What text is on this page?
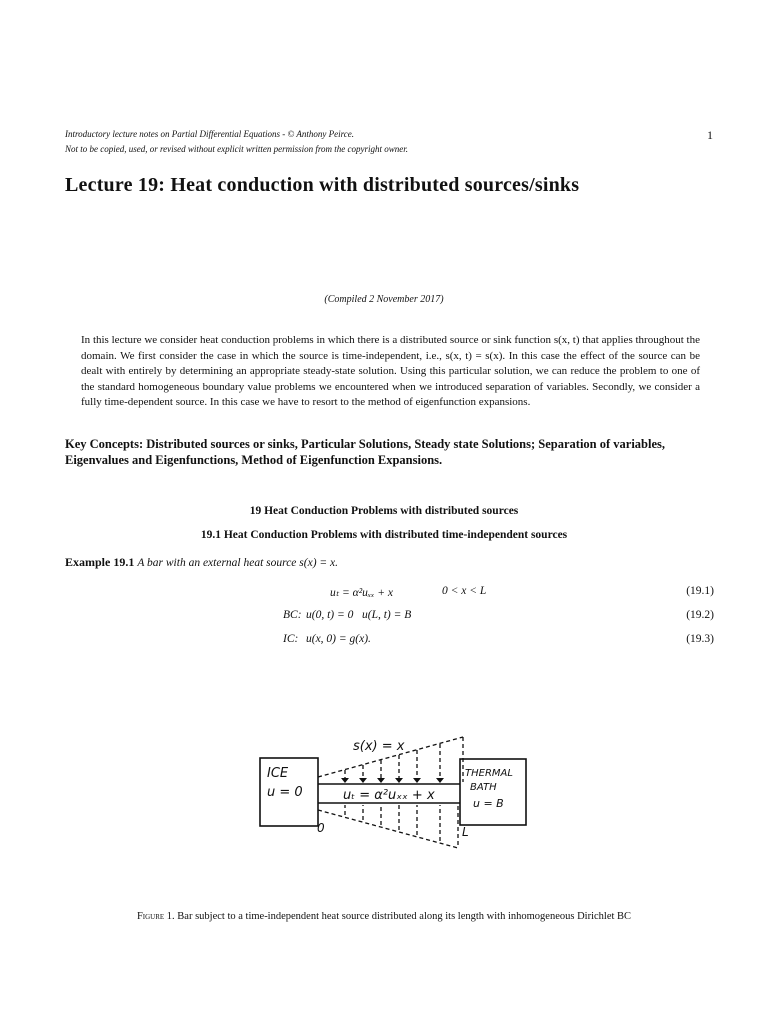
Introductory lecture notes on Partial Differential Equations - © Anthony Peirce.
Not to be copied, used, or revised without explicit written permission from the copyright owner.
1
Lecture 19: Heat conduction with distributed sources/sinks
(Compiled 2 November 2017)
In this lecture we consider heat conduction problems in which there is a distributed source or sink function s(x, t) that applies throughout the domain. We first consider the case in which the source is time-independent, i.e., s(x, t) = s(x). In this case the effect of the source can be dealt with entirely by determining an appropriate steady-state solution. Using this particular solution, we can reduce the problem to one of the standard homogeneous boundary value problems we encountered when we introduced separation of variables. Secondly, we consider a fully time-dependent source. In this case we have to resort to the method of eigenfunction expansions.
Key Concepts: Distributed sources or sinks, Particular Solutions, Steady state Solutions; Separation of variables, Eigenvalues and Eigenfunctions, Method of Eigenfunction Expansions.
19 Heat Conduction Problems with distributed sources
19.1 Heat Conduction Problems with distributed time-independent sources
Example 19.1 A bar with an external heat source s(x) = x.
uₜ = α²uₓₓ + x	0 < x < L	(19.1)
BC: u(0, t) = 0   u(L, t) = B	(19.2)
IC: u(x, 0) = g(x).	(19.3)
s(x) = x
ICE
u = 0
THERMAL
BATH
u = B
uₜ = α²uₓₓ + x
0	L
Figure 1. Bar subject to a time-independent heat source distributed along its length with inhomogeneous Dirichlet BC
